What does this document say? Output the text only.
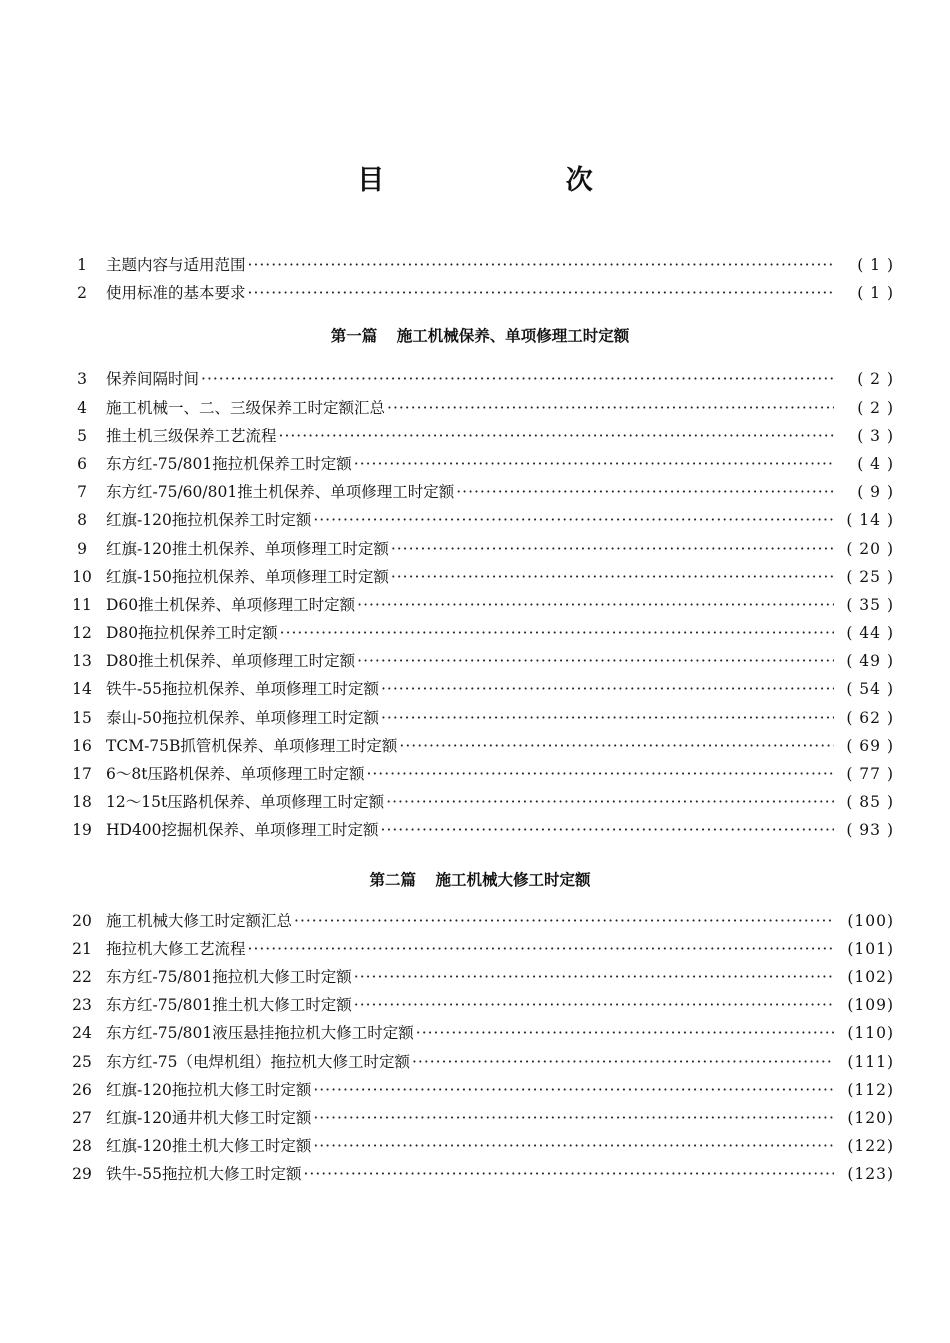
目 次
1	主题内容与适用范围 ·····	( 1 )
2	使用标准的基本要求 ·····	( 1 )
第一篇 施工机械保养、单项修理工时定额
3	保养间隔时间 ·····	( 2 )
4	施工机械一、二、三级保养工时定额汇总 ·····	( 2 )
5	推土机三级保养工艺流程 ·····	( 3 )
6	东方红-75/801拖拉机保养工时定额 ·····	( 4 )
7	东方红-75/60/801推土机保养、单项修理工时定额 ·····	( 9 )
8	红旗-120拖拉机保养工时定额 ·····	( 14 )
9	红旗-120推土机保养、单项修理工时定额 ·····	( 20 )
10 红旗-150拖拉机保养、单项修理工时定额 ·····	( 25 )
11 D60推土机保养、单项修理工时定额 ·····	( 35 )
12 D80拖拉机保养工时定额 ·····	( 44 )
13 D80推土机保养、单项修理工时定额 ·····	( 49 )
14 铁牛-55拖拉机保养、单项修理工时定额 ·····	( 54 )
15 泰山-50拖拉机保养、单项修理工时定额 ·····	( 62 )
16 TCM-75B抓管机保养、单项修理工时定额 ·····	( 69 )
17 6～8t压路机保养、单项修理工时定额 ·····	( 77 )
18 12～15t压路机保养、单项修理工时定额 ·····	( 85 )
19 HD400挖掘机保养、单项修理工时定额 ·····	( 93 )
第二篇 施工机械大修工时定额
20 施工机械大修工时定额汇总 ·····	(100)
21 拖拉机大修工艺流程 ·····	(101)
22 东方红-75/801拖拉机大修工时定额 ·····	(102)
23 东方红-75/801推土机大修工时定额 ·····	(109)
24 东方红-75/801液压悬挂拖拉机大修工时定额 ·····	(110)
25 东方红-75（电焊机组）拖拉机大修工时定额 ·····	(111)
26 红旗-120拖拉机大修工时定额 ·····	(112)
27 红旗-120通井机大修工时定额 ·····	(120)
28 红旗-120推土机大修工时定额 ·····	(122)
29 铁牛-55拖拉机大修工时定额 ·····	(123)
